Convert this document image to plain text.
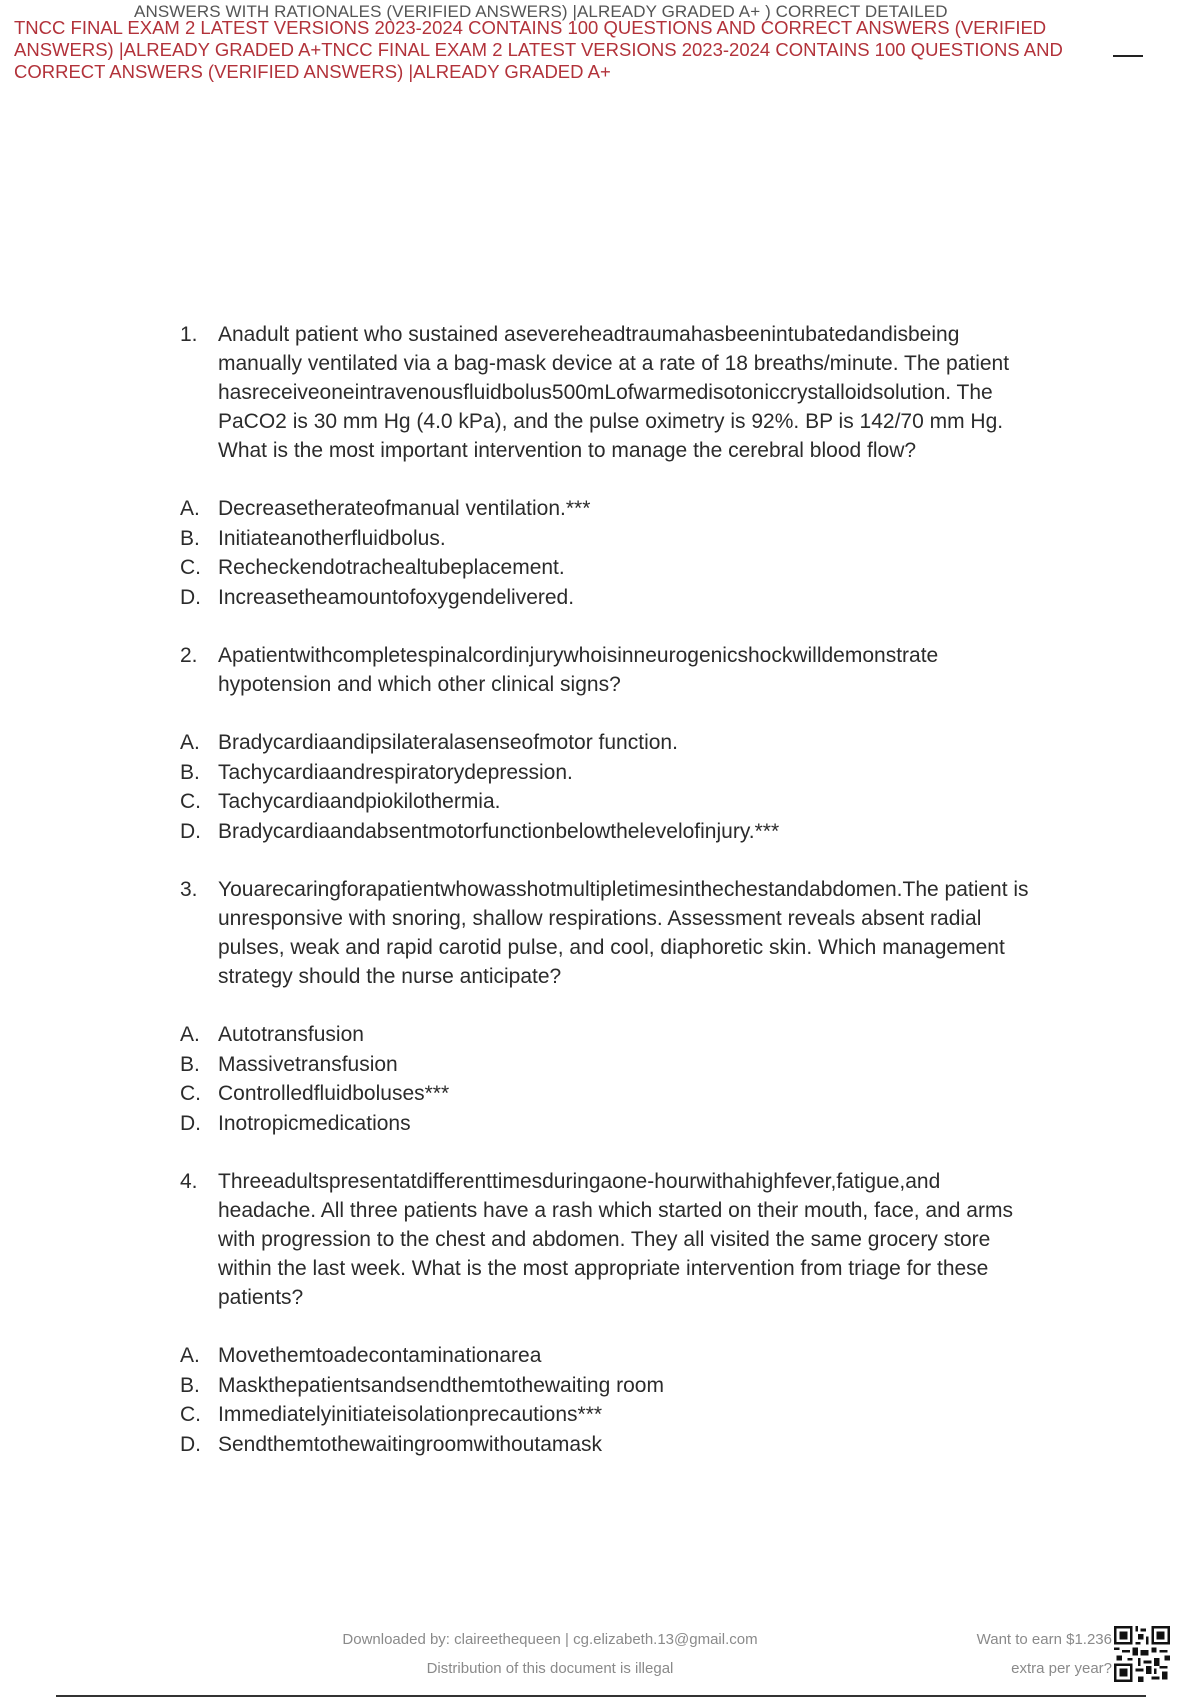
ANSWERS WITH RATIONALES (VERIFIED ANSWERS) |ALREADY GRADED A+ ) CORRECT DETAILED
TNCC FINAL EXAM 2 LATEST VERSIONS 2023-2024 CONTAINS 100 QUESTIONS AND CORRECT ANSWERS (VERIFIED
ANSWERS) |ALREADY GRADED A+TNCC FINAL EXAM 2 LATEST VERSIONS 2023-2024 CONTAINS 100 QUESTIONS AND
CORRECT ANSWERS (VERIFIED ANSWERS) |ALREADY GRADED A+
1. Anadult patient who sustained asevereheadtraumahasbeenintubatedandisbeing
manually ventilated via a bag-mask device at a rate of 18 breaths/minute. The patient
hasreceiveoneintravenousfluidbolus500mLofwarmedisotoniccrystalloidsolution. The
PaCO2 is 30 mm Hg (4.0 kPa), and the pulse oximetry is 92%. BP is 142/70 mm Hg.
What is the most important intervention to manage the cerebral blood flow?
A. Decreasetherateofmanual ventilation.***
B. Initiateanotherfluidbolus.
C. Recheckendotrachealtubeplacement.
D. Increasetheamountofoxygendelivered.
2. Apatientwithcompletespinalcordinjurywhoisinneurogenicshockwilldemonstrate
hypotension and which other clinical signs?
A. Bradycardiaandipsilateralasenseofmotor function.
B. Tachycardiaandrespiratorydepression.
C. Tachycardiaandpiokilothermia.
D. Bradycardiaandabsentmotorfunctionbelowthelevelofinjury.***
3. Youarecaringforapatientwhowasshotmultipletimesinthechestandabdomen.The patient is
unresponsive with snoring, shallow respirations. Assessment reveals absent radial
pulses, weak and rapid carotid pulse, and cool, diaphoretic skin. Which management
strategy should the nurse anticipate?
A. Autotransfusion
B. Massivetransfusion
C. Controlledfluidboluses***
D. Inotropicmedications
4. Threeadultspresentatdifferenttimesduringaone-hourwithahighfever,fatigue,and
headache. All three patients have a rash which started on their mouth, face, and arms
with progression to the chest and abdomen. They all visited the same grocery store
within the last week. What is the most appropriate intervention from triage for these
patients?
A. Movethemtoadecontaminationarea
B. Maskthepatientsandsendthemtothewaiting room
C. Immediatelyinitiateisolationprecautions***
D. Sendthemtothewaitingroomwithoutamask
Downloaded by: claireethequeen | cg.elizabeth.13@gmail.com
Distribution of this document is illegal
Want to earn $1.236
extra per year?
